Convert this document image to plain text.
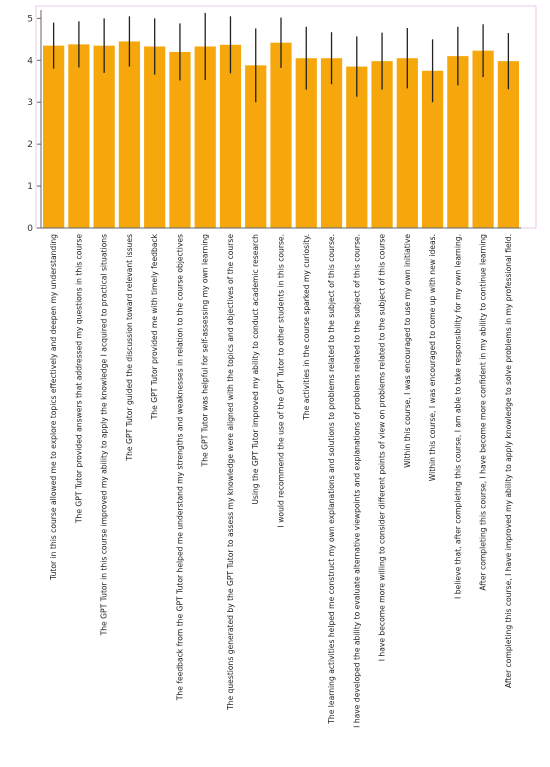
0
1
2
3
4
5
Tutor in this course allowed me to explore topics effectively and deepen my understanding The GPT Tutor provided answers that addressed my questions in this course The GPT Tutor in this course improved my ability to apply the knowledge I acquired to practical situations The GPT Tutor guided the discussion toward relevant issues The GPT Tutor provided me with timely feedback The feedback from the GPT Tutor helped me understand my strengths and weaknesses in relation to the course objectives The GPT Tutor was helpful for self-assessing my own learning The questions generated by the GPT Tutor to assess my knowledge were aligned with the topics and objectives of the course Using the GPT Tutor improved my ability to conduct academic research I would recommend the use of the GPT Tutor to other students in this course. The activities in the course sparked my curiosity. The learning activities helped me construct my own explanations and solutions to problems related to the subject of this course. I have developed the ability to evaluate alternative viewpoints and explanations of problems related to the subject of this course. I have become more willing to consider different points of view on problems related to the subject of this course Within this course, I was encouraged to use my own initiative Within this course, I was encouraged to come up with new ideas. I believe that, after completing this course, I am able to take responsibility for my own learning. After completing this course, I have become more confident in my ability to continue learning After completing this course, I have improved my ability to apply knowledge to solve problems in my professional field.
